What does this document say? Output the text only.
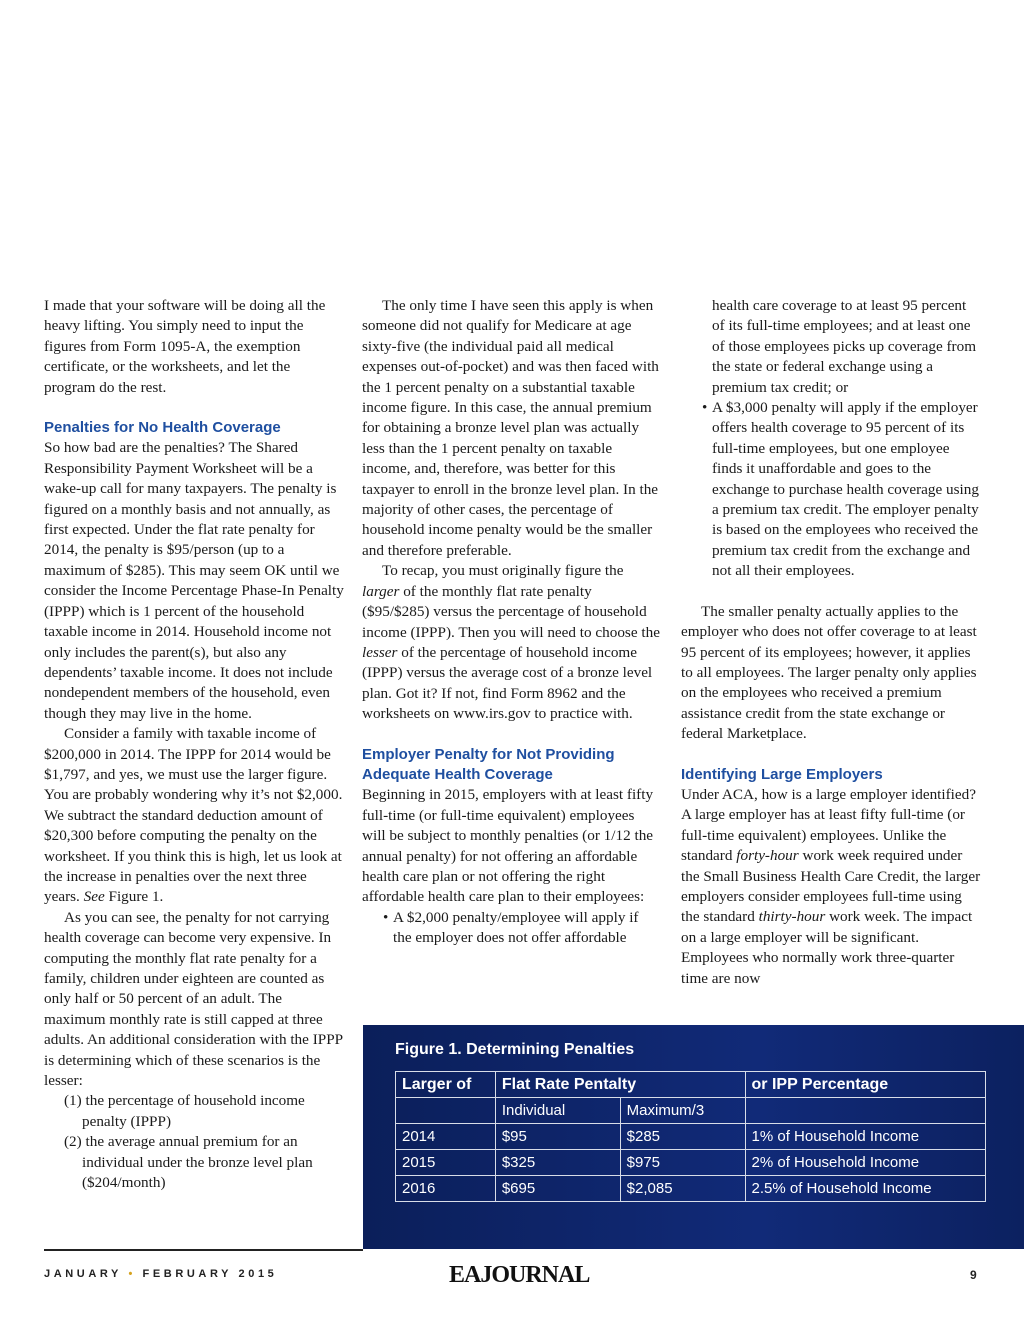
I made that your software will be doing all the heavy lifting. You simply need to input the figures from Form 1095-A, the exemption certificate, or the worksheets, and let the program do the rest.

Penalties for No Health Coverage

So how bad are the penalties? The Shared Responsibility Payment Worksheet will be a wake-up call for many taxpayers. The penalty is figured on a monthly basis and not annually, as first expected. Under the flat rate penalty for 2014, the penalty is $95/person (up to a maximum of $285). This may seem OK until we consider the Income Percentage Phase-In Penalty (IPPP) which is 1 percent of the household taxable income in 2014. Household income not only includes the parent(s), but also any dependents’ taxable income. It does not include nondependent members of the household, even though they may live in the home.

Consider a family with taxable income of $200,000 in 2014. The IPPP for 2014 would be $1,797, and yes, we must use the larger figure. You are probably wondering why it’s not $2,000. We subtract the standard deduction amount of $20,300 before computing the penalty on the worksheet. If you think this is high, let us look at the increase in penalties over the next three years. See Figure 1.

As you can see, the penalty for not carrying health coverage can become very expensive. In computing the monthly flat rate penalty for a family, children under eighteen are counted as only half or 50 percent of an adult. The maximum monthly rate is still capped at three adults. An additional consideration with the IPPP is determining which of these scenarios is the lesser:

(1) the percentage of household income penalty (IPPP)

(2) the average annual premium for an individual under the bronze level plan ($204/month)

The only time I have seen this apply is when someone did not qualify for Medicare at age sixty-five (the individual paid all medical expenses out-of-pocket) and was then faced with the 1 percent penalty on a substantial taxable income figure. In this case, the annual premium for obtaining a bronze level plan was actually less than the 1 percent penalty on taxable income, and, therefore, was better for this taxpayer to enroll in the bronze level plan. In the majority of other cases, the percentage of household income penalty would be the smaller and therefore preferable.

To recap, you must originally figure the larger of the monthly flat rate penalty ($95/$285) versus the percentage of household income (IPPP). Then you will need to choose the lesser of the percentage of household income (IPPP) versus the average cost of a bronze level plan. Got it? If not, find Form 8962 and the worksheets on www.irs.gov to practice with.

Employer Penalty for Not Providing Adequate Health Coverage

Beginning in 2015, employers with at least fifty full-time (or full-time equivalent) employees will be subject to monthly penalties (or 1/12 the annual penalty) for not offering an affordable health care plan or not offering the right affordable health care plan to their employees:

• A $2,000 penalty/employee will apply if the employer does not offer affordable

health care coverage to at least 95 percent of its full-time employees; and at least one of those employees picks up coverage from the state or federal exchange using a premium tax credit; or

• A $3,000 penalty will apply if the employer offers health coverage to 95 percent of its full-time employees, but one employee finds it unaffordable and goes to the exchange to purchase health coverage using a premium tax credit. The employer penalty is based on the employees who received the premium tax credit from the exchange and not all their employees.

The smaller penalty actually applies to the employer who does not offer coverage to at least 95 percent of its employees; however, it applies to all employees. The larger penalty only applies on the employees who received a premium assistance credit from the state exchange or federal Marketplace.

Identifying Large Employers

Under ACA, how is a large employer identified? A large employer has at least fifty full-time (or full-time equivalent) employees. Unlike the standard forty-hour work week required under the Small Business Health Care Credit, the larger employers consider employees full-time using the standard thirty-hour work week. The impact on a large employer will be significant. Employees who normally work three-quarter time are now

Figure 1. Determining Penalties
Larger of	Flat Rate Pentalty		or IPP Percentage
	Individual	Maximum/3	
2014	$95	$285	1% of Household Income
2015	$325	$975	2% of Household Income
2016	$695	$2,085	2.5% of Household Income
JANUARY • FEBRUARY 2015	EAJOURNAL	9
